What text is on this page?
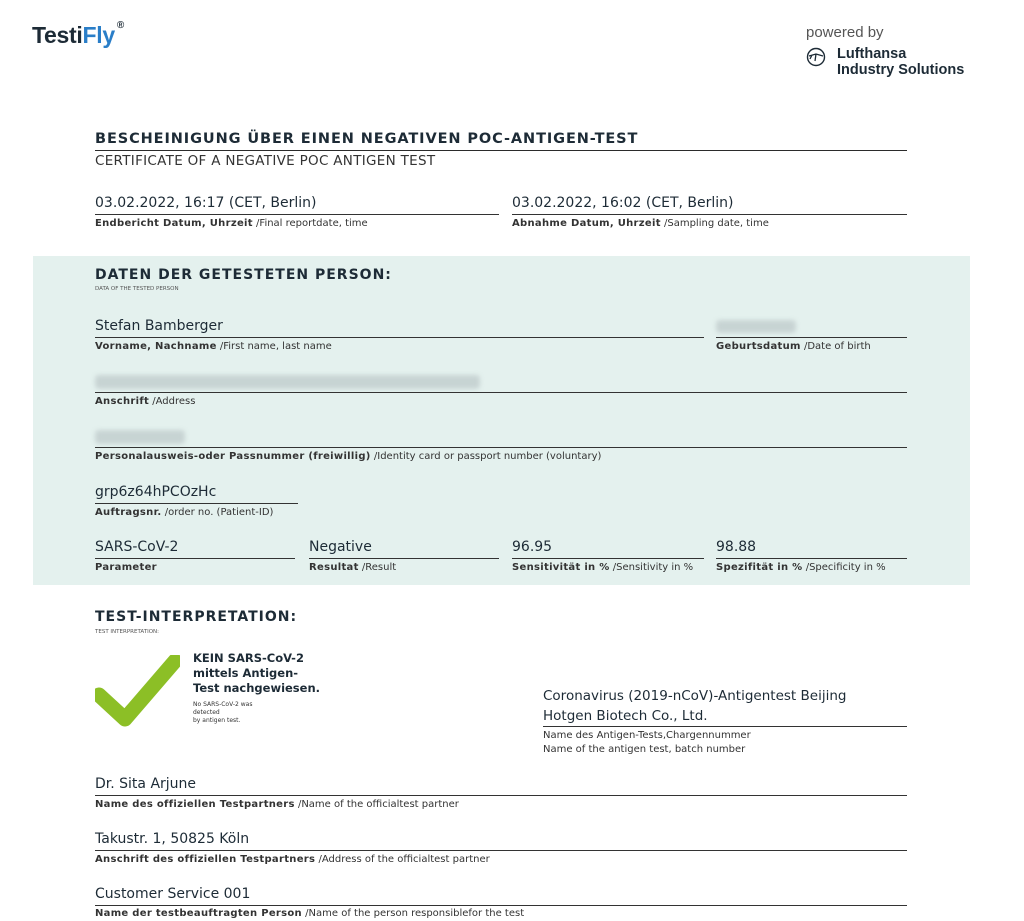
TestiFly ®	powered by
Lufthansa
Industry Solutions
BESCHEINIGUNG ÜBER EINEN NEGATIVEN POC-ANTIGEN-TEST
CERTIFICATE OF A NEGATIVE POC ANTIGEN TEST
03.02.2022, 16:17 (CET, Berlin)
Endbericht Datum, Uhrzeit /Final reportdate, time
03.02.2022, 16:02 (CET, Berlin)
Abnahme Datum, Uhrzeit /Sampling date, time
DATEN DER GETESTETEN PERSON:
DATA OF THE TESTED PERSON
Stefan Bamberger
Vorname, Nachname /First name, last name	Geburtsdatum /Date of birth
Anschrift /Address
Personalausweis-oder Passnummer (freiwillig) /Identity card or passport number (voluntary)
grp6z64hPCOzHc
Auftragsnr. /order no. (Patient-ID)
SARS-CoV-2
Parameter
Negative
Resultat /Result
96.95
Sensitivität in % /Sensitivity in %
98.88
Spezifität in % /Specificity in %
TEST-INTERPRETATION:
TEST INTERPRETATION:
KEIN SARS-CoV-2
mittels Antigen-
Test nachgewiesen.
No SARS-CoV-2 was
detected
by antigen test.
Coronavirus (2019-nCoV)-Antigentest Beijing
Hotgen Biotech Co., Ltd.
Name des Antigen-Tests,Chargennummer
Name of the antigen test, batch number
Dr. Sita Arjune
Name des offiziellen Testpartners /Name of the officialtest partner
Takustr. 1, 50825 Köln
Anschrift des offiziellen Testpartners /Address of the officialtest partner
Customer Service 001
Name der testbeauftragten Person /Name of the person responsiblefor the test
